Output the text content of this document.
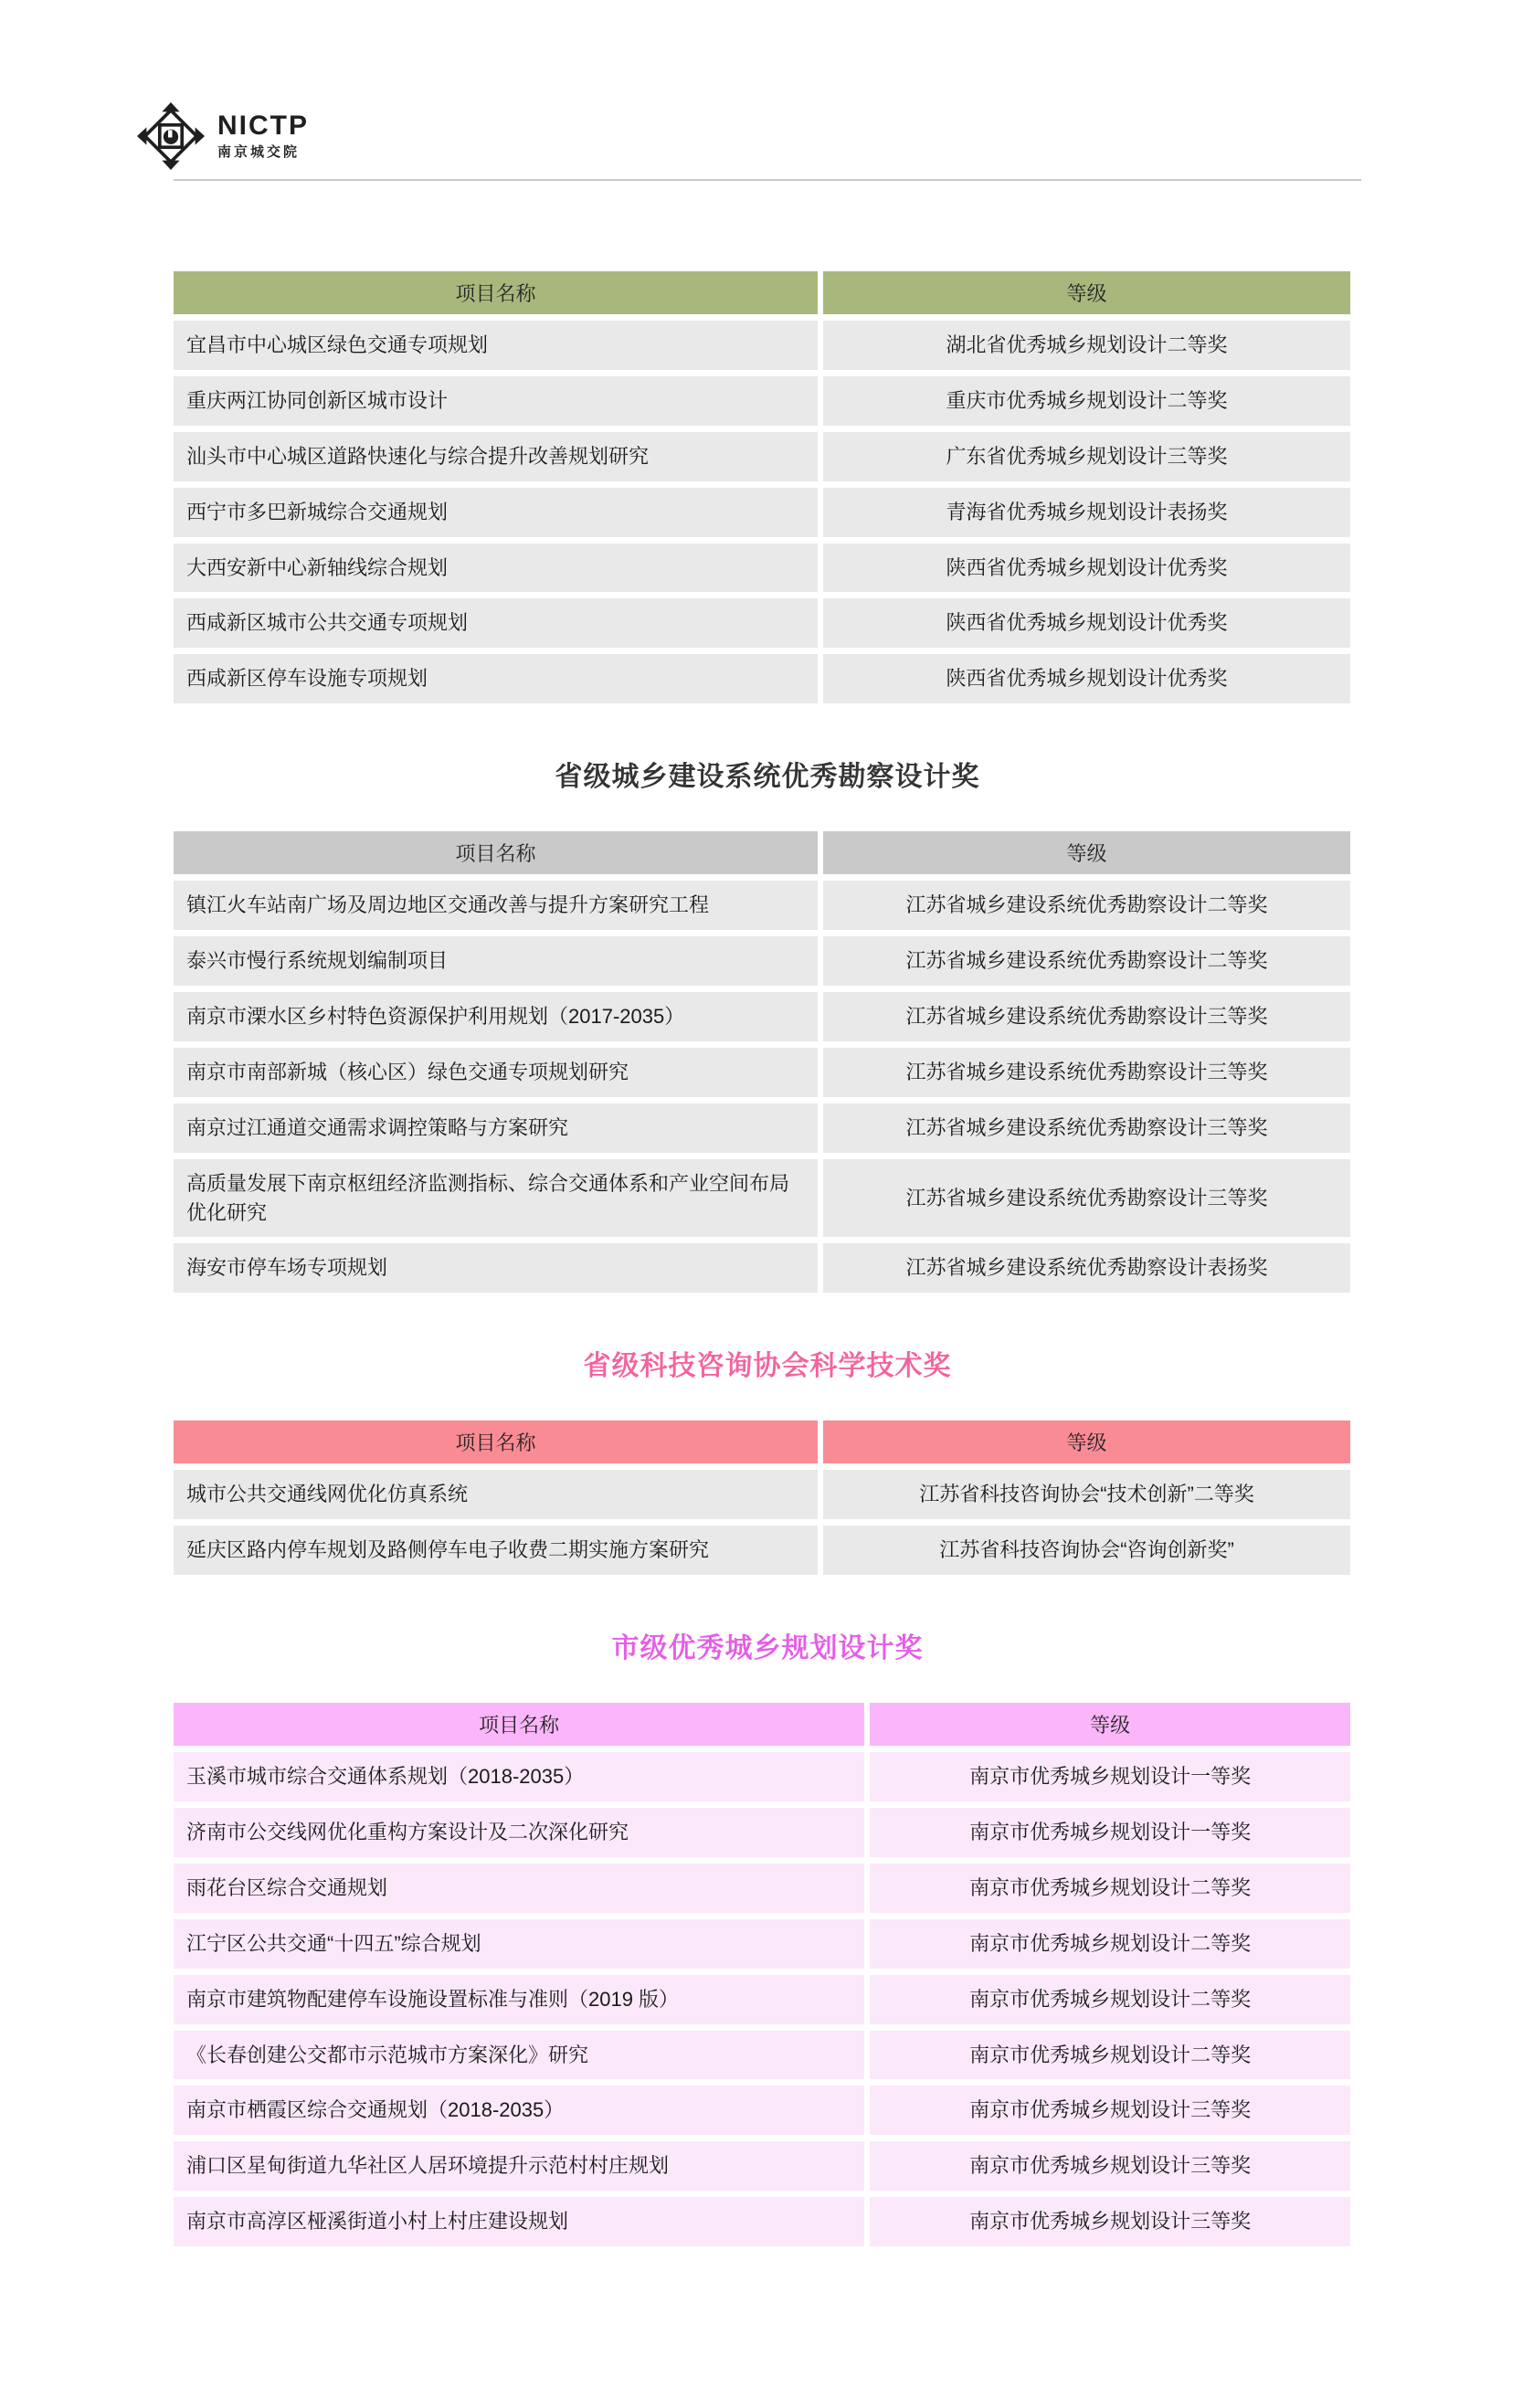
NICTP
南京城交院
项目名称	等级
宜昌市中心城区绿色交通专项规划	湖北省优秀城乡规划设计二等奖
重庆两江协同创新区城市设计	重庆市优秀城乡规划设计二等奖
汕头市中心城区道路快速化与综合提升改善规划研究	广东省优秀城乡规划设计三等奖
西宁市多巴新城综合交通规划	青海省优秀城乡规划设计表扬奖
大西安新中心新轴线综合规划	陕西省优秀城乡规划设计优秀奖
西咸新区城市公共交通专项规划	陕西省优秀城乡规划设计优秀奖
西咸新区停车设施专项规划	陕西省优秀城乡规划设计优秀奖
省级城乡建设系统优秀勘察设计奖
项目名称	等级
镇江火车站南广场及周边地区交通改善与提升方案研究工程	江苏省城乡建设系统优秀勘察设计二等奖
泰兴市慢行系统规划编制项目	江苏省城乡建设系统优秀勘察设计二等奖
南京市溧水区乡村特色资源保护利用规划（2017-2035）	江苏省城乡建设系统优秀勘察设计三等奖
南京市南部新城（核心区）绿色交通专项规划研究	江苏省城乡建设系统优秀勘察设计三等奖
南京过江通道交通需求调控策略与方案研究	江苏省城乡建设系统优秀勘察设计三等奖
高质量发展下南京枢纽经济监测指标、综合交通体系和产业空间布局优化研究	江苏省城乡建设系统优秀勘察设计三等奖
海安市停车场专项规划	江苏省城乡建设系统优秀勘察设计表扬奖
省级科技咨询协会科学技术奖
项目名称	等级
城市公共交通线网优化仿真系统	江苏省科技咨询协会“技术创新”二等奖
延庆区路内停车规划及路侧停车电子收费二期实施方案研究	江苏省科技咨询协会“咨询创新奖”
市级优秀城乡规划设计奖
项目名称	等级
玉溪市城市综合交通体系规划（2018-2035）	南京市优秀城乡规划设计一等奖
济南市公交线网优化重构方案设计及二次深化研究	南京市优秀城乡规划设计一等奖
雨花台区综合交通规划	南京市优秀城乡规划设计二等奖
江宁区公共交通“十四五”综合规划	南京市优秀城乡规划设计二等奖
南京市建筑物配建停车设施设置标准与准则（2019 版）	南京市优秀城乡规划设计二等奖
《长春创建公交都市示范城市方案深化》研究	南京市优秀城乡规划设计二等奖
南京市栖霞区综合交通规划（2018-2035）	南京市优秀城乡规划设计三等奖
浦口区星甸街道九华社区人居环境提升示范村村庄规划	南京市优秀城乡规划设计三等奖
南京市高淳区桠溪街道小村上村庄建设规划	南京市优秀城乡规划设计三等奖
